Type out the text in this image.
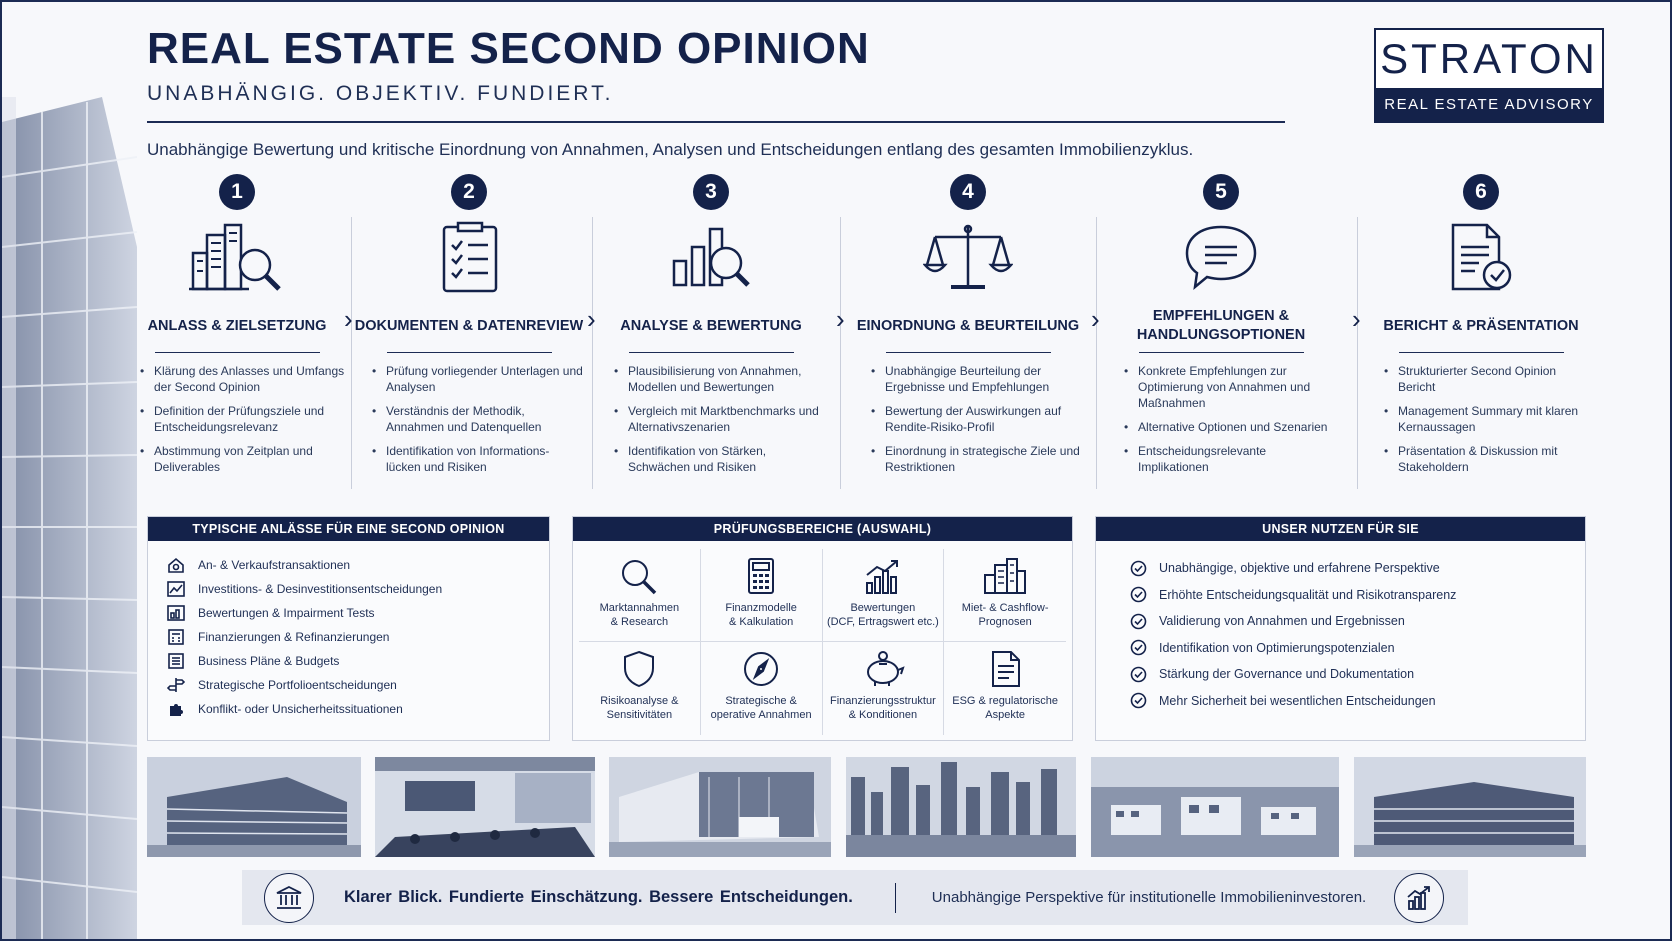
REAL ESTATE SECOND OPINION
UNABHÄNGIG. OBJEKTIV. FUNDIERT.
STRATON
REAL ESTATE ADVISORY
Unabhängige Bewertung und kritische Einordnung von Annahmen, Analysen und Entscheidungen entlang des gesamten Immobilienzyklus.
1
ANLASS & ZIELSETZUNG
• Klärung des Anlasses und Umfangs der Second Opinion
• Definition der Prüfungsziele und Entscheidungsrelevanz
• Abstimmung von Zeitplan und Deliverables
›
2
DOKUMENTEN & DATENREVIEW
• Prüfung vorliegender Unterlagen und Analysen
• Verständnis der Methodik, Annahmen und Datenquellen
• Identifikation von Informations-lücken und Risiken
›
3
ANALYSE & BEWERTUNG
• Plausibilisierung von Annahmen, Modellen und Bewertungen
• Vergleich mit Marktbenchmarks und Alternativszenarien
• Identifikation von Stärken, Schwächen und Risiken
›
4
EINORDNUNG & BEURTEILUNG
• Unabhängige Beurteilung der Ergebnisse und Empfehlungen
• Bewertung der Auswirkungen auf Rendite-Risiko-Profil
• Einordnung in strategische Ziele und Restriktionen
›
5
EMPFEHLUNGEN & HANDLUNGSOPTIONEN
• Konkrete Empfehlungen zur Optimierung von Annahmen und Maßnahmen
• Alternative Optionen und Szenarien
• Entscheidungsrelevante Implikationen
›
6
BERICHT & PRÄSENTATION
• Strukturierter Second Opinion Bericht
• Management Summary mit klaren Kernaussagen
• Präsentation & Diskussion mit Stakeholdern
TYPISCHE ANLÄSSE FÜR EINE SECOND OPINION
An- & Verkaufstransaktionen
Investitions- & Desinvestitionsentscheidungen
Bewertungen & Impairment Tests
Finanzierungen & Refinanzierungen
Business Pläne & Budgets
Strategische Portfolioentscheidungen
Konflikt- oder Unsicherheitssituationen
PRÜFUNGSBEREICHE (AUSWAHL)
Marktannahmen
& Research
Finanzmodelle
& Kalkulation
Bewertungen
(DCF, Ertragswert etc.)
Miet- & Cashflow-
Prognosen
Risikoanalyse &
Sensitivitäten
Strategische &
operative Annahmen
Finanzierungsstruktur
& Konditionen
ESG & regulatorische
Aspekte
UNSER NUTZEN FÜR SIE
Unabhängige, objektive und erfahrene Perspektive
Erhöhte Entscheidungsqualität und Risikotransparenz
Validierung von Annahmen und Ergebnissen
Identifikation von Optimierungspotenzialen
Stärkung der Governance und Dokumentation
Mehr Sicherheit bei wesentlichen Entscheidungen
Klarer Blick. Fundierte Einschätzung. Bessere Entscheidungen.	Unabhängige Perspektive für institutionelle Immobilieninvestoren.
